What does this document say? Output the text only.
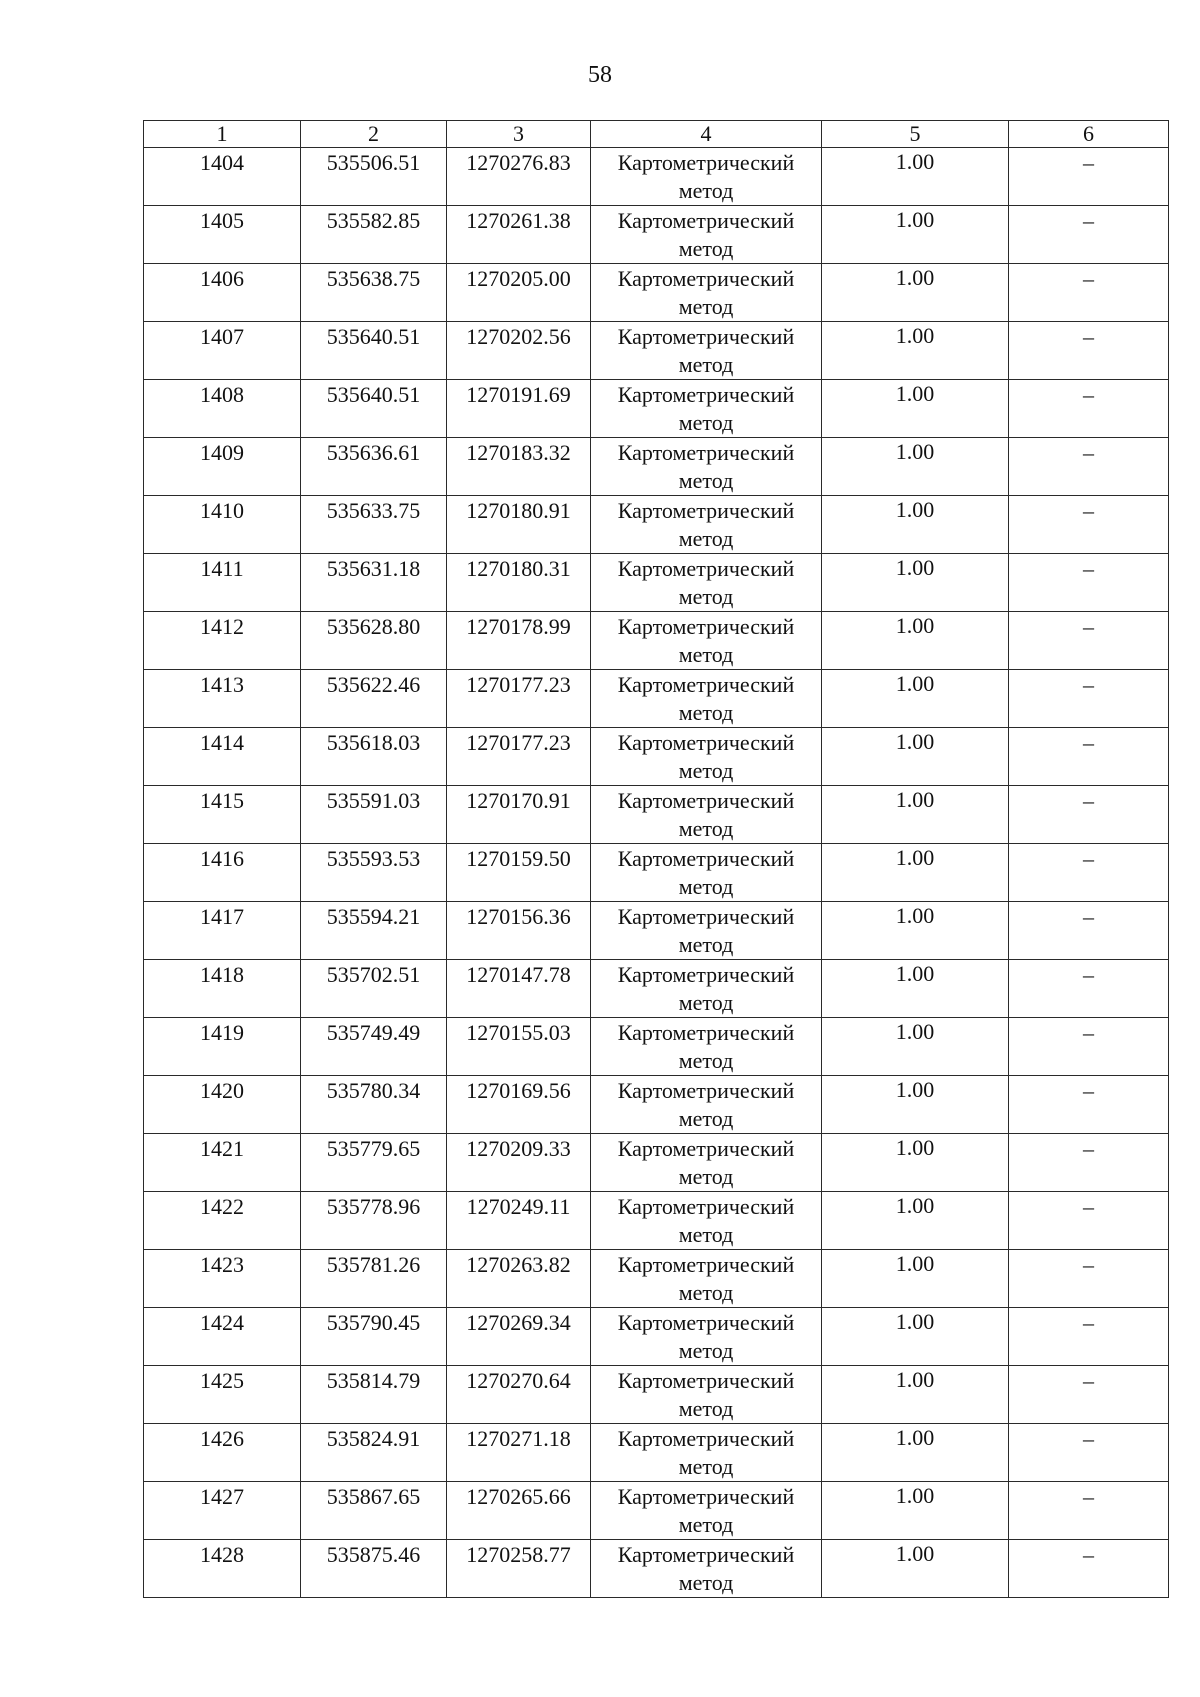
58
1	2	3	4	5	6
1404	535506.51	1270276.83	Картометрический метод	1.00	–
1405	535582.85	1270261.38	Картометрический метод	1.00	–
1406	535638.75	1270205.00	Картометрический метод	1.00	–
1407	535640.51	1270202.56	Картометрический метод	1.00	–
1408	535640.51	1270191.69	Картометрический метод	1.00	–
1409	535636.61	1270183.32	Картометрический метод	1.00	–
1410	535633.75	1270180.91	Картометрический метод	1.00	–
1411	535631.18	1270180.31	Картометрический метод	1.00	–
1412	535628.80	1270178.99	Картометрический метод	1.00	–
1413	535622.46	1270177.23	Картометрический метод	1.00	–
1414	535618.03	1270177.23	Картометрический метод	1.00	–
1415	535591.03	1270170.91	Картометрический метод	1.00	–
1416	535593.53	1270159.50	Картометрический метод	1.00	–
1417	535594.21	1270156.36	Картометрический метод	1.00	–
1418	535702.51	1270147.78	Картометрический метод	1.00	–
1419	535749.49	1270155.03	Картометрический метод	1.00	–
1420	535780.34	1270169.56	Картометрический метод	1.00	–
1421	535779.65	1270209.33	Картометрический метод	1.00	–
1422	535778.96	1270249.11	Картометрический метод	1.00	–
1423	535781.26	1270263.82	Картометрический метод	1.00	–
1424	535790.45	1270269.34	Картометрический метод	1.00	–
1425	535814.79	1270270.64	Картометрический метод	1.00	–
1426	535824.91	1270271.18	Картометрический метод	1.00	–
1427	535867.65	1270265.66	Картометрический метод	1.00	–
1428	535875.46	1270258.77	Картометрический метод	1.00	–
